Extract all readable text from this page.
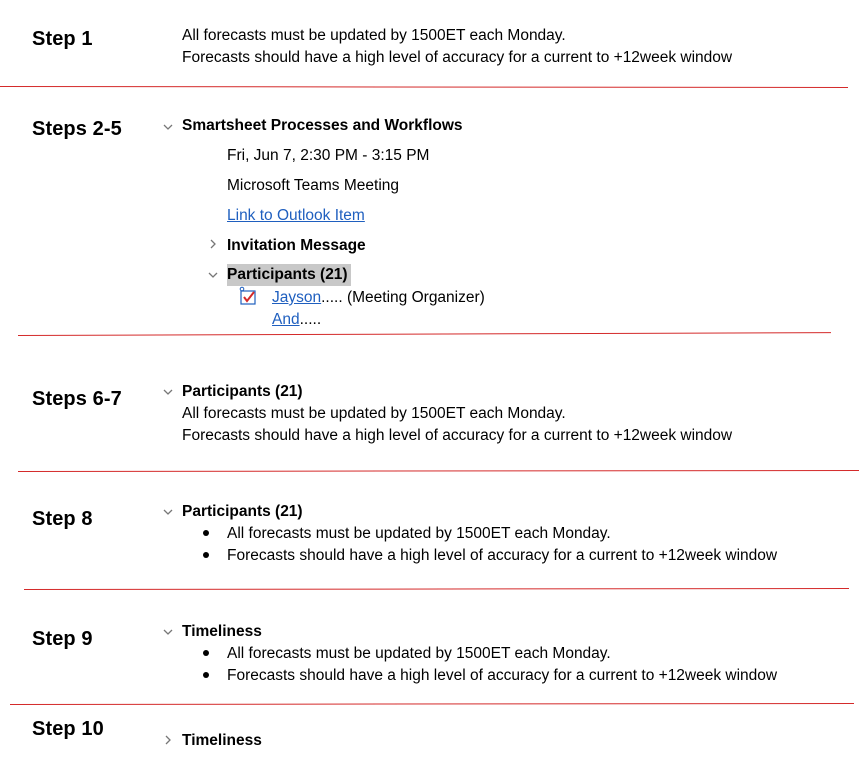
Step 1	All forecasts must be updated by 1500ET each Monday.
Forecasts should have a high level of accuracy for a current to +12week window
Steps 2-5	Smartsheet Processes and Workflows
Fri, Jun 7, 2:30 PM - 3:15 PM
Microsoft Teams Meeting
Link to Outlook Item
Invitation Message
Participants (21)
Jayson..... (Meeting Organizer)
And.....
Steps 6-7	Participants (21)
All forecasts must be updated by 1500ET each Monday.
Forecasts should have a high level of accuracy for a current to +12week window
Step 8	Participants (21)
All forecasts must be updated by 1500ET each Monday.
Forecasts should have a high level of accuracy for a current to +12week window
Step 9	Timeliness
All forecasts must be updated by 1500ET each Monday.
Forecasts should have a high level of accuracy for a current to +12week window
Step 10
Timeliness
